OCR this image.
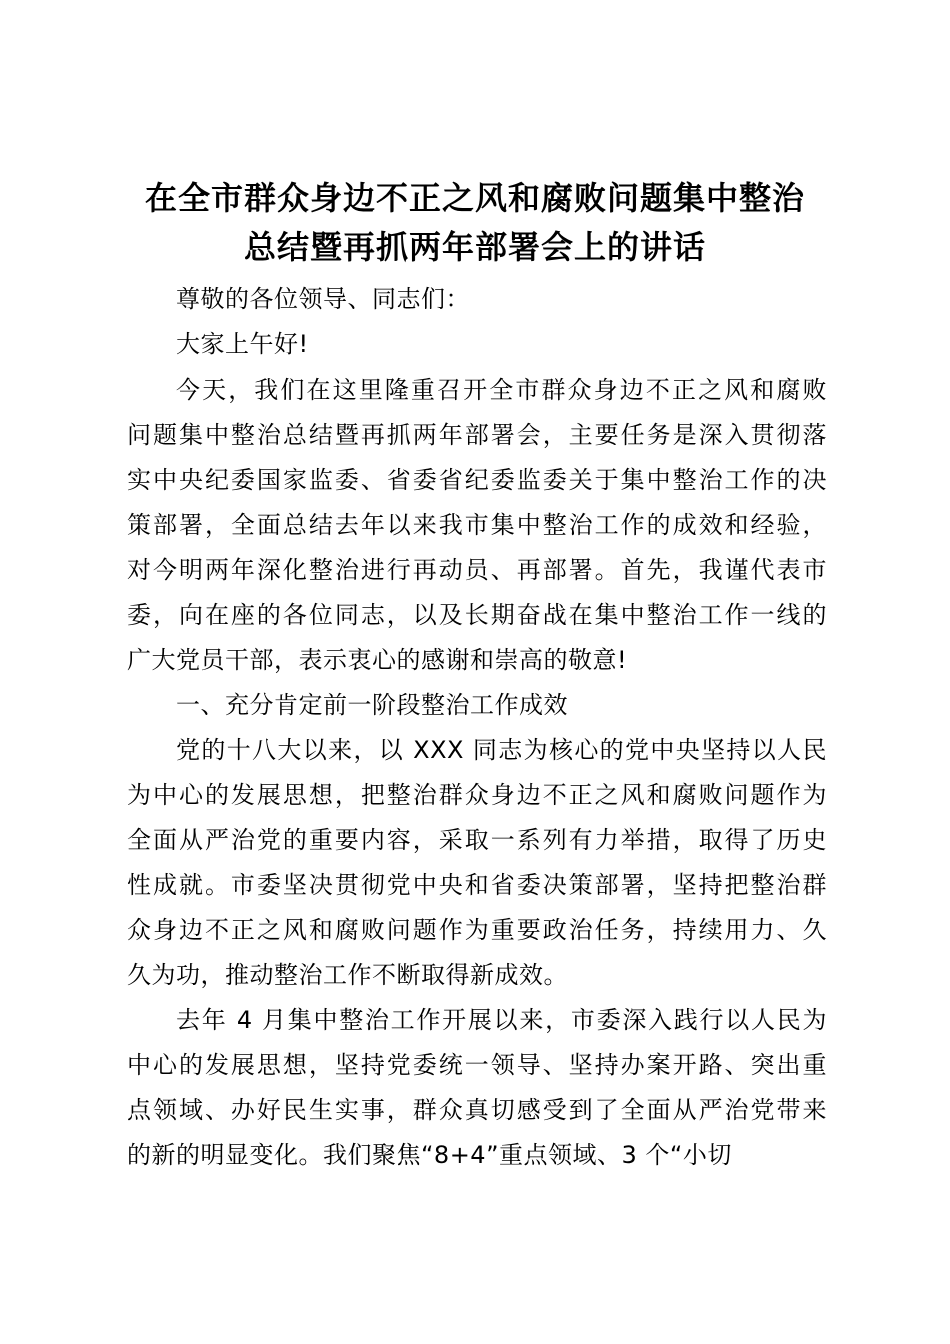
在全市群众身边不正之风和腐败问题集中整治
总结暨再抓两年部署会上的讲话
尊敬的各位领导、同志们：
大家上午好!
今天，我们在这里隆重召开全市群众身边不正之风和腐败
问题集中整治总结暨再抓两年部署会，主要任务是深入贯彻落
实中央纪委国家监委、省委省纪委监委关于集中整治工作的决
策部署，全面总结去年以来我市集中整治工作的成效和经验，
对今明两年深化整治进行再动员、再部署。首先，我谨代表市
委，向在座的各位同志，以及长期奋战在集中整治工作一线的
广大党员干部，表示衷心的感谢和崇高的敬意!
一、充分肯定前一阶段整治工作成效
党的十八大以来，以 XXX 同志为核心的党中央坚持以人民
为中心的发展思想，把整治群众身边不正之风和腐败问题作为
全面从严治党的重要内容，采取一系列有力举措，取得了历史
性成就。市委坚决贯彻党中央和省委决策部署，坚持把整治群
众身边不正之风和腐败问题作为重要政治任务，持续用力、久
久为功，推动整治工作不断取得新成效。
去年 4 月集中整治工作开展以来，市委深入践行以人民为
中心的发展思想，坚持党委统一领导、坚持办案开路、突出重
点领域、办好民生实事，群众真切感受到了全面从严治党带来
的新的明显变化。我们聚焦“8+4”重点领域、3 个“小切
